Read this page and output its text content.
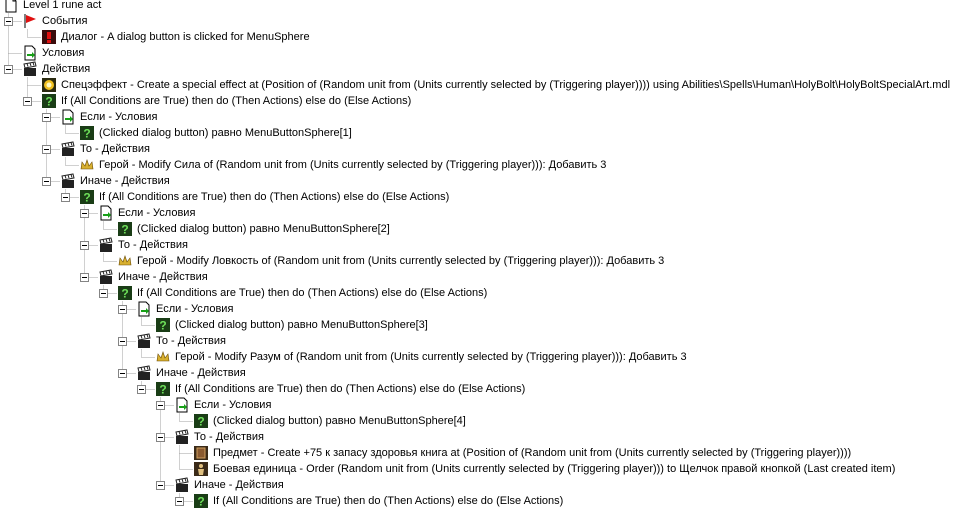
Level 1 rune act
События
Диалог - A dialog button is clicked for MenuSphere
Условия
Действия
Спецэффект - Create a special effect at (Position of (Random unit from (Units currently selected by (Triggering player)))) using Abilities\Spells\Human\HolyBolt\HolyBoltSpecialArt.mdl
? If (All Conditions are True) then do (Then Actions) else do (Else Actions)
Если - Условия
? (Clicked dialog button) равно MenuButtonSphere[1]
То - Действия
Герой - Modify Сила of (Random unit from (Units currently selected by (Triggering player))): Добавить 3
Иначе - Действия
? If (All Conditions are True) then do (Then Actions) else do (Else Actions)
Если - Условия
? (Clicked dialog button) равно MenuButtonSphere[2]
То - Действия
Герой - Modify Ловкость of (Random unit from (Units currently selected by (Triggering player))): Добавить 3
Иначе - Действия
? If (All Conditions are True) then do (Then Actions) else do (Else Actions)
Если - Условия
? (Clicked dialog button) равно MenuButtonSphere[3]
То - Действия
Герой - Modify Разум of (Random unit from (Units currently selected by (Triggering player))): Добавить 3
Иначе - Действия
? If (All Conditions are True) then do (Then Actions) else do (Else Actions)
Если - Условия
? (Clicked dialog button) равно MenuButtonSphere[4]
То - Действия
Предмет - Create +75 к запасу здоровья книга at (Position of (Random unit from (Units currently selected by (Triggering player))))
Боевая единица - Order (Random unit from (Units currently selected by (Triggering player))) to Щелчок правой кнопкой (Last created item)
Иначе - Действия
? If (All Conditions are True) then do (Then Actions) else do (Else Actions)
